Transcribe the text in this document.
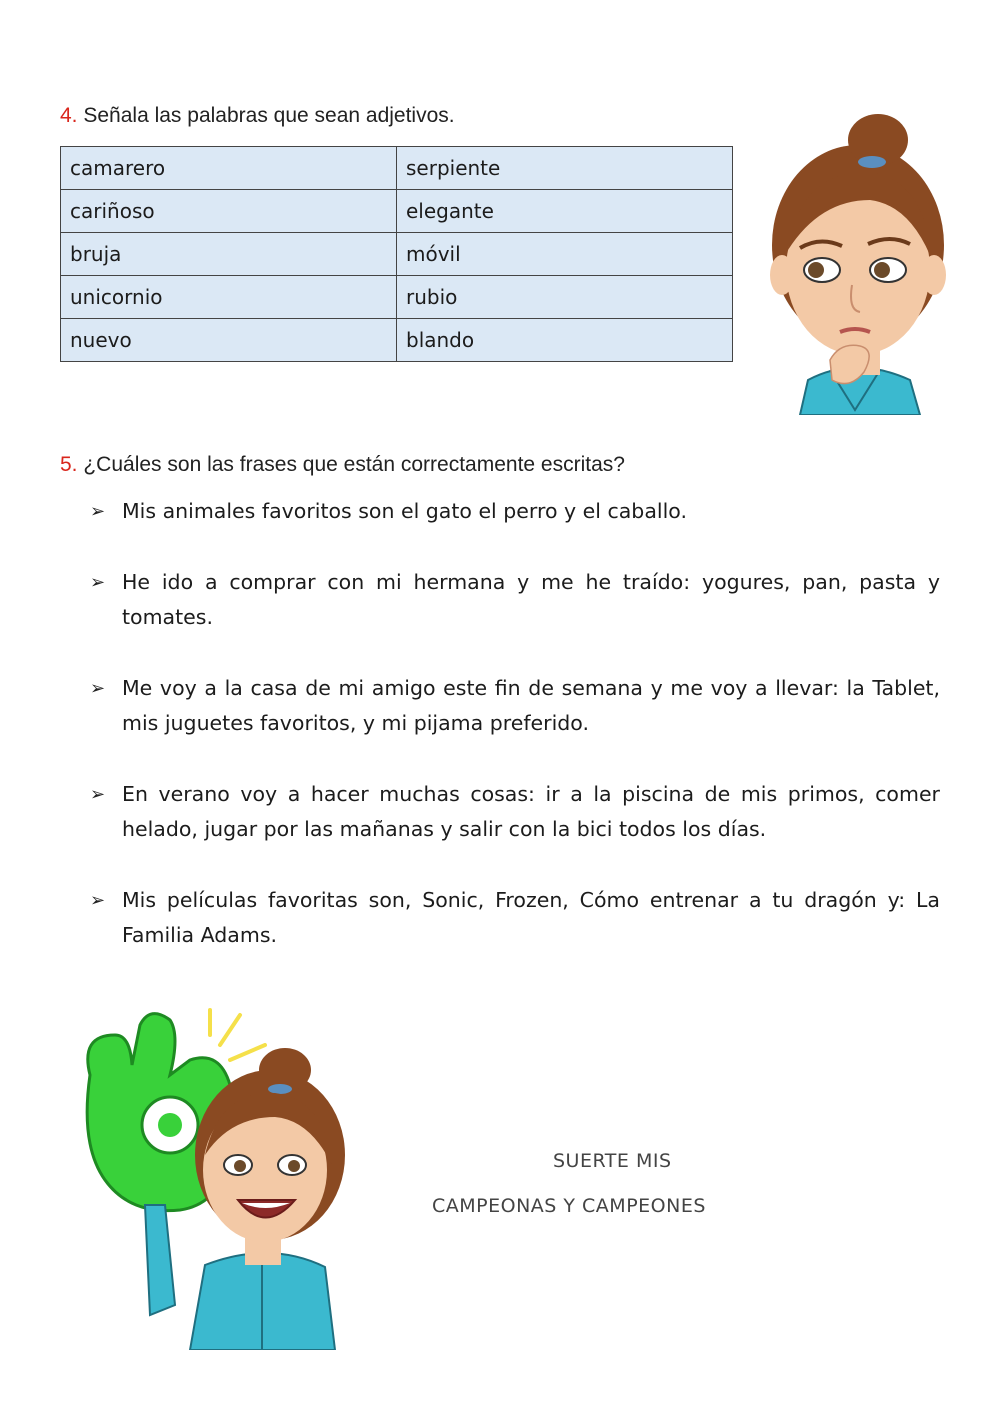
4. Señala las palabras que sean adjetivos.
camarero	serpiente
cariñoso	elegante
bruja	móvil
unicornio	rubio
nuevo	blando
5. ¿Cuáles son las frases que están correctamente escritas?
➢ Mis animales favoritos son el gato el perro y el caballo.
➢ He ido a comprar con mi hermana y me he traído: yogures, pan, pasta y tomates.
➢ Me voy a la casa de mi amigo este fin de semana y me voy a llevar: la Tablet, mis juguetes favoritos, y mi pijama preferido.
➢ En verano voy a hacer muchas cosas: ir a la piscina de mis primos, comer helado, jugar por las mañanas y salir con la bici todos los días.
➢ Mis películas favoritas son, Sonic, Frozen, Cómo entrenar a tu dragón y: La Familia Adams.
SUERTE MIS
CAMPEONAS Y CAMPEONES
